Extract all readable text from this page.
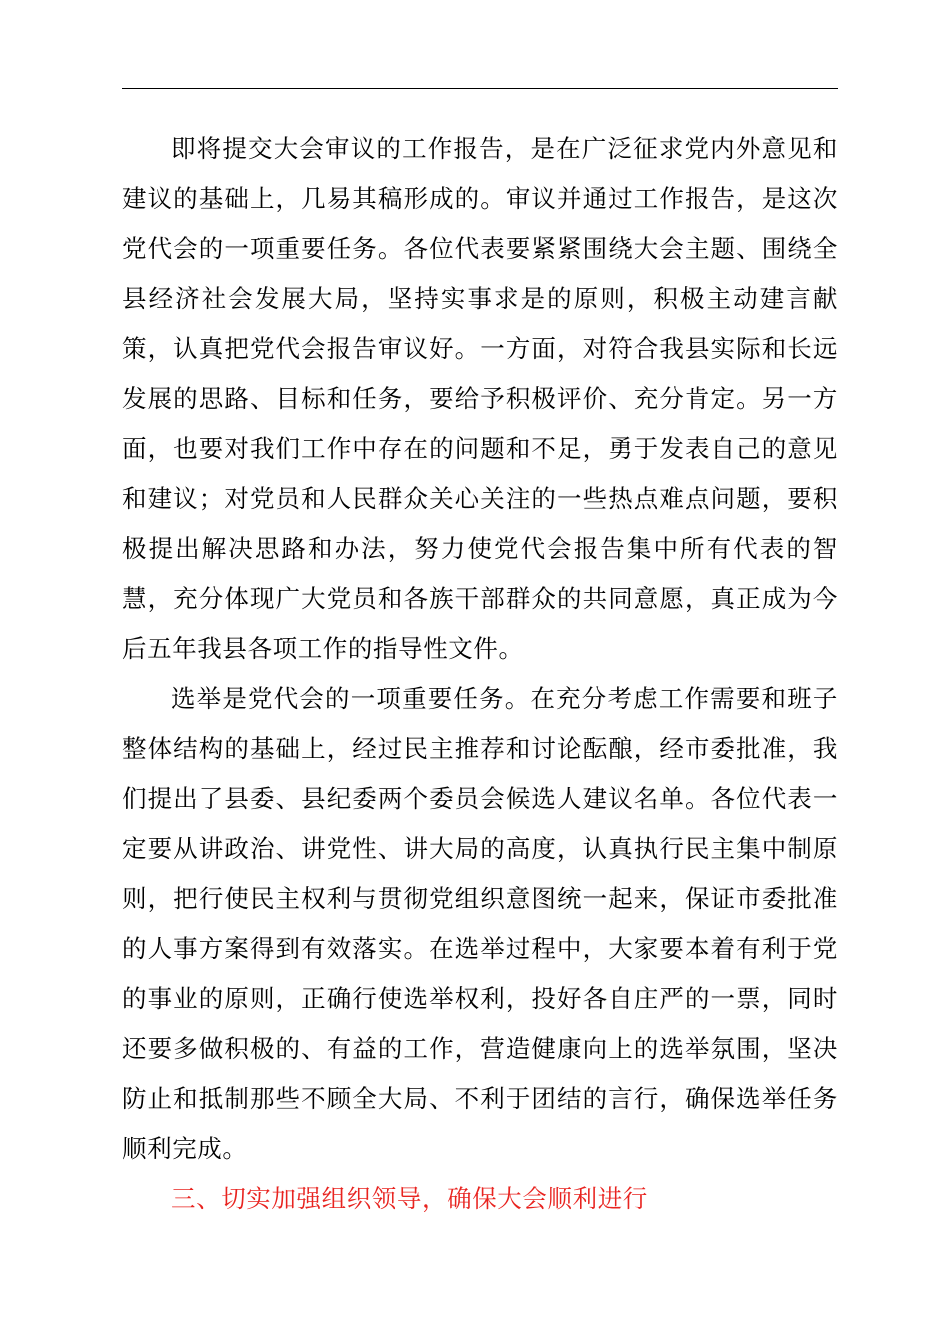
即将提交大会审议的工作报告，是在广泛征求党内外意见和建议的基础上，几易其稿形成的。审议并通过工作报告，是这次党代会的一项重要任务。各位代表要紧紧围绕大会主题、围绕全县经济社会发展大局，坚持实事求是的原则，积极主动建言献策，认真把党代会报告审议好。一方面，对符合我县实际和长远发展的思路、目标和任务，要给予积极评价、充分肯定。另一方面，也要对我们工作中存在的问题和不足，勇于发表自己的意见和建议；对党员和人民群众关心关注的一些热点难点问题，要积极提出解决思路和办法，努力使党代会报告集中所有代表的智慧，充分体现广大党员和各族干部群众的共同意愿，真正成为今后五年我县各项工作的指导性文件。

选举是党代会的一项重要任务。在充分考虑工作需要和班子整体结构的基础上，经过民主推荐和讨论酝酿，经市委批准，我们提出了县委、县纪委两个委员会候选人建议名单。各位代表一定要从讲政治、讲党性、讲大局的高度，认真执行民主集中制原则，把行使民主权利与贯彻党组织意图统一起来，保证市委批准的人事方案得到有效落实。在选举过程中，大家要本着有利于党的事业的原则，正确行使选举权利，投好各自庄严的一票，同时还要多做积极的、有益的工作，营造健康向上的选举氛围，坚决防止和抵制那些不顾全大局、不利于团结的言行，确保选举任务顺利完成。

三、切实加强组织领导，确保大会顺利进行
